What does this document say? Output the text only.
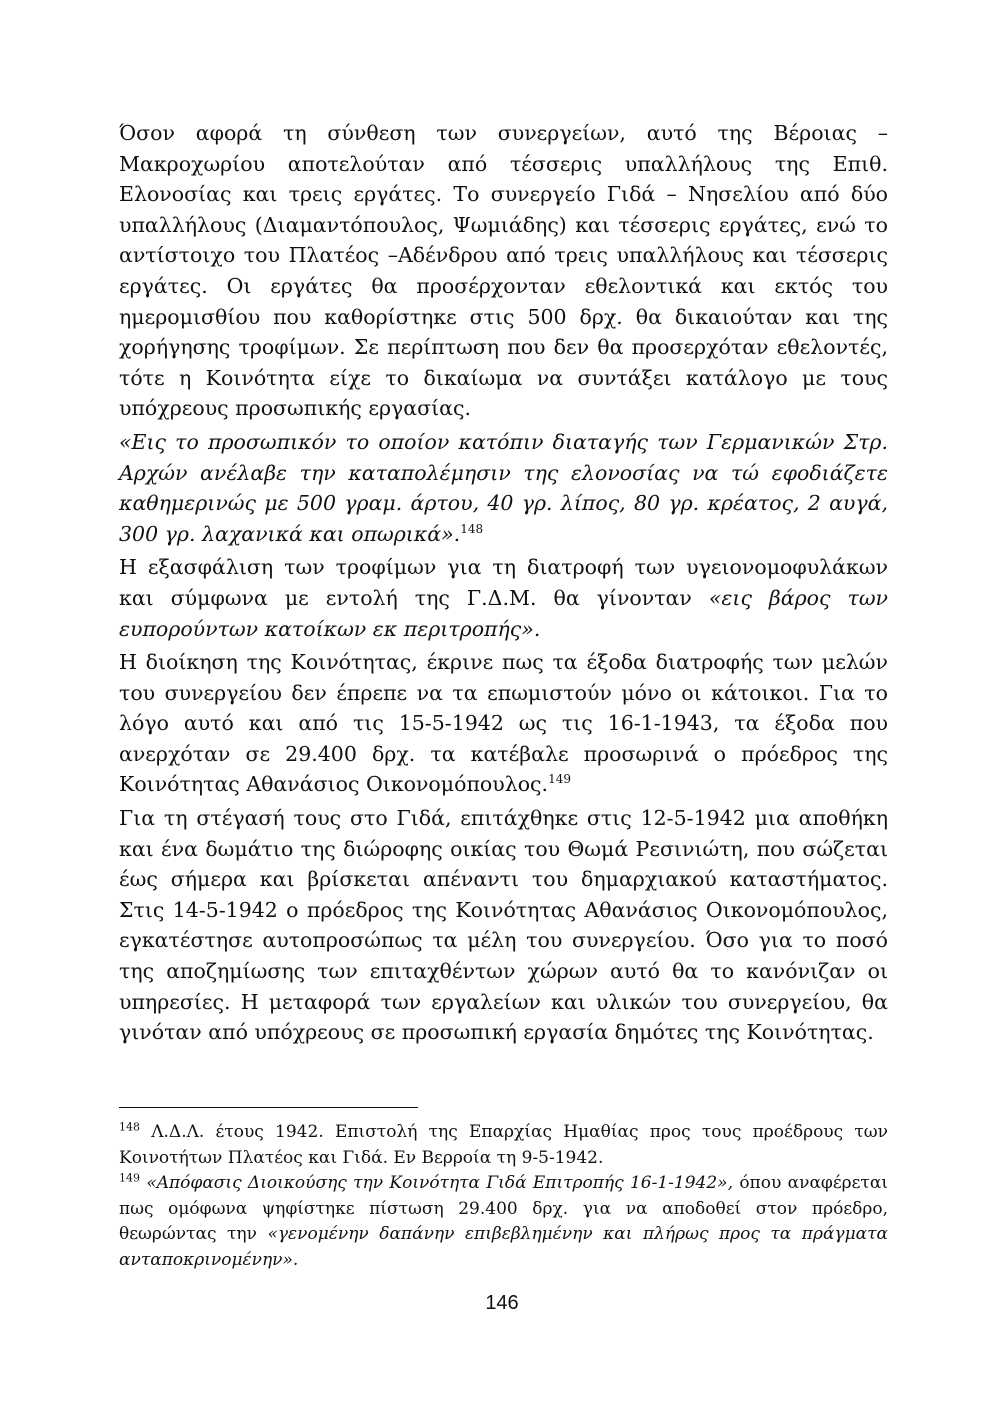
Όσον αφορά τη σύνθεση των συνεργείων, αυτό της Βέροιας – Μακροχωρίου αποτελούταν από τέσσερις υπαλλήλους της Επιθ. Ελονοσίας και τρεις εργάτες. Το συνεργείο Γιδά – Νησελίου από δύο υπαλλήλους (Διαμαντόπουλος, Ψωμιάδης) και τέσσερις εργάτες, ενώ το αντίστοιχο του Πλατέος –Αδένδρου από τρεις υπαλλήλους και τέσσερις εργάτες. Οι εργάτες θα προσέρχονταν εθελοντικά και εκτός του ημερομισθίου που καθορίστηκε στις 500 δρχ. θα δικαιούταν και της χορήγησης τροφίμων. Σε περίπτωση που δεν θα προσερχόταν εθελοντές, τότε η Κοινότητα είχε το δικαίωμα να συντάξει κατάλογο με τους υπόχρεους προσωπικής εργασίας.

«Εις το προσωπικόν το οποίον κατόπιν διαταγής των Γερμανικών Στρ. Αρχών ανέλαβε την καταπολέμησιν της ελονοσίας να τώ εφοδιάζετε καθημερινώς με 500 γραμ. άρτου, 40 γρ. λίπος, 80 γρ. κρέατος, 2 αυγά, 300 γρ. λαχανικά και οπωρικά».$^{148}$

Η εξασφάλιση των τροφίμων για τη διατροφή των υγειονομοφυλάκων και σύμφωνα με εντολή της Γ.Δ.Μ. θα γίνονταν «εις βάρος των ευπορούντων κατοίκων εκ περιτροπής».

Η διοίκηση της Κοινότητας, έκρινε πως τα έξοδα διατροφής των μελών του συνεργείου δεν έπρεπε να τα επωμιστούν μόνο οι κάτοικοι. Για το λόγο αυτό και από τις 15-5-1942 ως τις 16-1-1943, τα έξοδα που ανερχόταν σε 29.400 δρχ. τα κατέβαλε προσωρινά ο πρόεδρος της Κοινότητας Αθανάσιος Οικονομόπουλος.$^{149}$

Για τη στέγασή τους στο Γιδά, επιτάχθηκε στις 12-5-1942 μια αποθήκη και ένα δωμάτιο της διώροφης οικίας του Θωμά Ρεσινιώτη, που σώζεται έως σήμερα και βρίσκεται απέναντι του δημαρχιακού καταστήματος. Στις 14-5-1942 ο πρόεδρος της Κοινότητας Αθανάσιος Οικονομόπουλος, εγκατέστησε αυτοπροσώπως τα μέλη του συνεργείου. Όσο για το ποσό της αποζημίωσης των επιταχθέντων χώρων αυτό θα το κανόνιζαν οι υπηρεσίες. Η μεταφορά των εργαλείων και υλικών του συνεργείου, θα γινόταν από υπόχρεους σε προσωπική εργασία δημότες της Κοινότητας.

$^{148}$ Λ.Δ.Λ. έτους 1942. Επιστολή της Επαρχίας Ημαθίας προς τους προέδρους των Κοινοτήτων Πλατέος και Γιδά. Εν Βερροία τη 9-5-1942.

$^{149}$ «Απόφασις Διοικούσης την Κοινότητα Γιδά Επιτροπής 16-1-1942», όπου αναφέρεται πως ομόφωνα ψηφίστηκε πίστωση 29.400 δρχ. για να αποδοθεί στον πρόεδρο, θεωρώντας την «γενομένην δαπάνην επιβεβλημένην και πλήρως προς τα πράγματα ανταποκρινομένην».

146
